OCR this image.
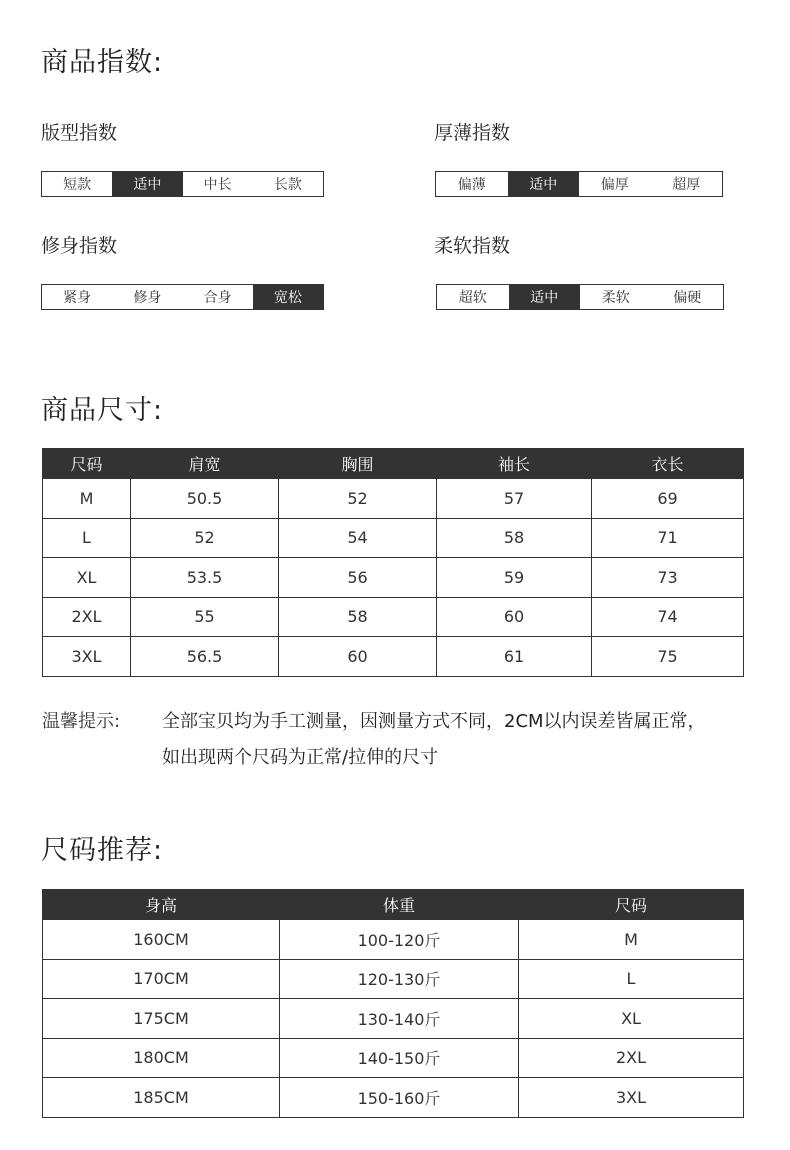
商品指数:
版型指数
短款	适中	中长	长款
厚薄指数
偏薄	适中	偏厚	超厚
修身指数
紧身	修身	合身	宽松
柔软指数
超软	适中	柔软	偏硬
商品尺寸:
尺码	肩宽	胸围	袖长	衣长
M	50.5	52	57	69
L	52	54	58	71
XL	53.5	56	59	73
2XL	55	58	60	74
3XL	56.5	60	61	75
温馨提示: 全部宝贝均为手工测量，因测量方式不同，2CM以内误差皆属正常，
如出现两个尺码为正常/拉伸的尺寸
尺码推荐:
身高	体重	尺码
160CM	100-120斤	M
170CM	120-130斤	L
175CM	130-140斤	XL
180CM	140-150斤	2XL
185CM	150-160斤	3XL
